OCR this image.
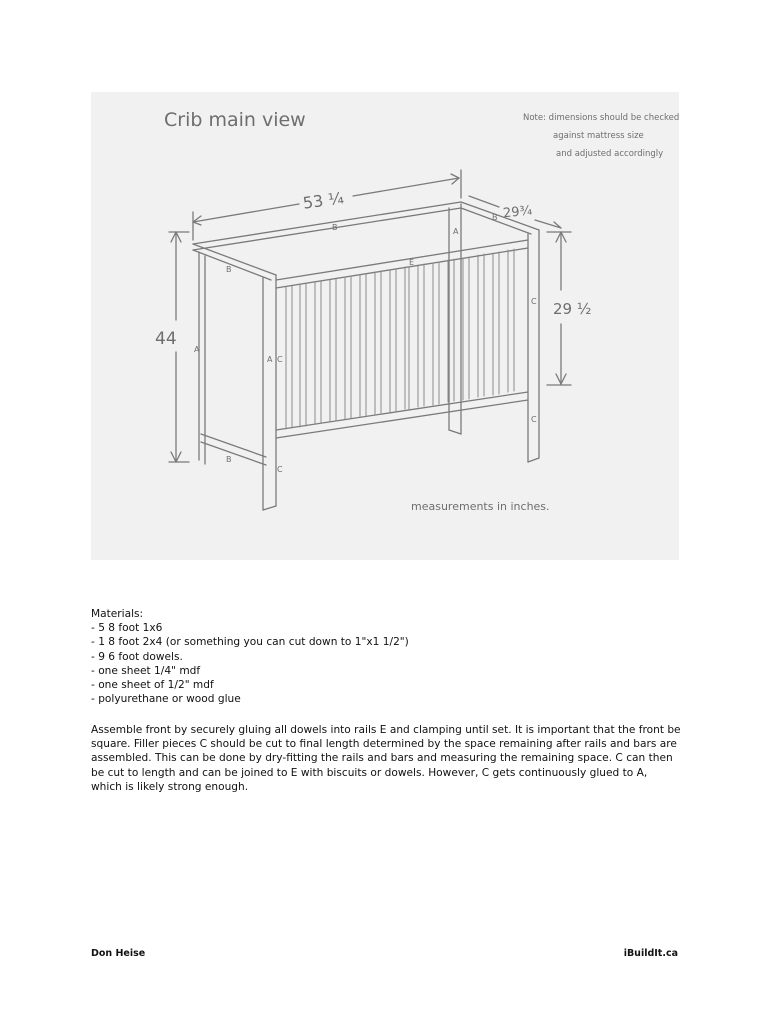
Crib main view	Note: dimensions should be checked
against mattress size
and adjusted accordingly
53 ¼	29¾
44
29 ½
measurements in inches.
B
B
B
A
A
A
B
C
C
C
C
E
Materials:
- 5 8 foot 1x6
- 1 8 foot 2x4 (or something you can cut down to 1"x1 1/2")
- 9 6 foot dowels.
- one sheet 1/4" mdf
- one sheet of 1/2" mdf
- polyurethane or wood glue
Assemble front by securely gluing all dowels into rails E and clamping until set. It is important that the front be square. Filler pieces C should be cut to final length determined by the space remaining after rails and bars are assembled. This can be done by dry-fitting the rails and bars and measuring the remaining space. C can then be cut to length and can be joined to E with biscuits or dowels. However, C gets continuously glued to A, which is likely strong enough.
Don Heise	iBuildIt.ca
